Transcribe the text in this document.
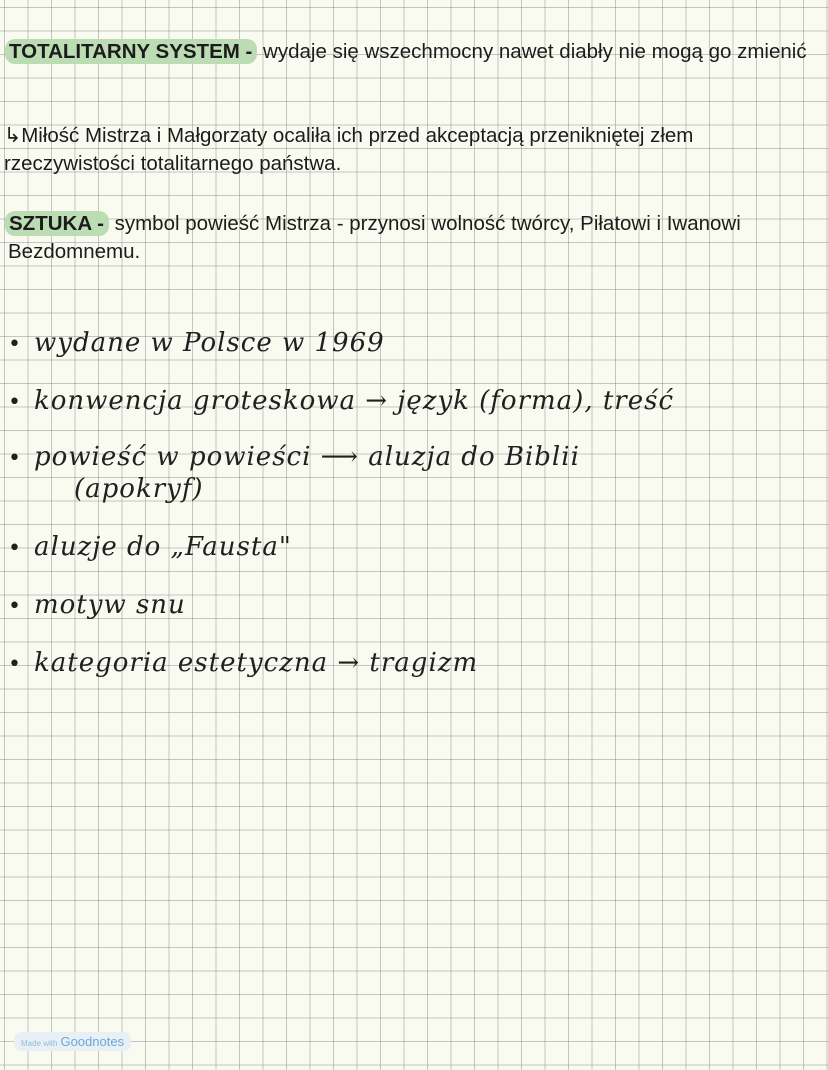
TOTALITARNY SYSTEM - wydaje się wszechmocny nawet diabły nie mogą go zmienić
↳Miłość Mistrza i Małgorzaty ocaliła ich przed akceptacją przenikniętej złem rzeczywistości totalitarnego państwa.
SZTUKA - symbol powieść Mistrza - przynosi wolność twórcy, Piłatowi i Iwanowi Bezdomnemu.
• wydane w Polsce w 1969
• konwencja groteskowa → język (forma), treść
• powieść w powieści ⟶ aluzja do Biblii
(apokryf)
• aluzje do „Fausta"
• motyw snu
• kategoria estetyczna → tragizm
Made with Goodnotes
